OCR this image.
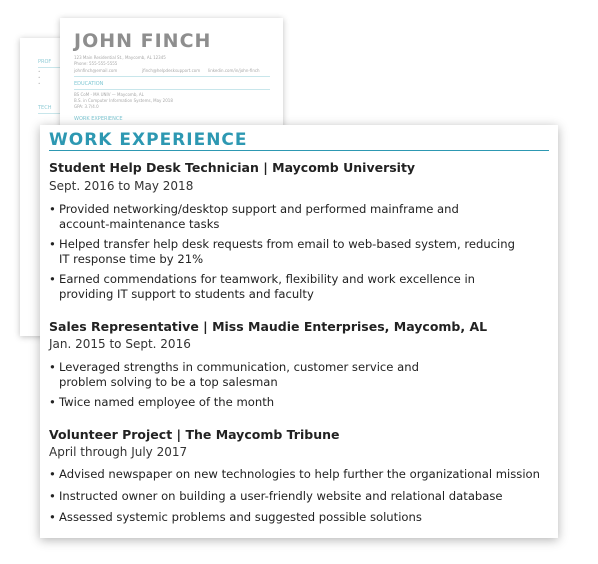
PROF
•
•
•
TECH
JOHN FINCH
123 Main Residential St., Maycomb, AL 12345
Phone: 555-555-5555
johnfinch@email.com	jfinch@helpdesksupport.com linkedin.com/in/john-finch
EDUCATION
BS CoM - MA UNIV — Maycomb, AL
B.S. in Computer Information Systems, May 2018
GPA: 3.7/4.0
WORK EXPERIENCE
WORK EXPERIENCE
Student Help Desk Technician | Maycomb University
Sept. 2016 to May 2018
• Provided networking/desktop support and performed mainframe and
account-maintenance tasks
• Helped transfer help desk requests from email to web-based system, reducing
IT response time by 21%
• Earned commendations for teamwork, flexibility and work excellence in
providing IT support to students and faculty
Sales Representative | Miss Maudie Enterprises, Maycomb, AL
Jan. 2015 to Sept. 2016
• Leveraged strengths in communication, customer service and
problem solving to be a top salesman
• Twice named employee of the month
Volunteer Project | The Maycomb Tribune
April through July 2017
• Advised newspaper on new technologies to help further the organizational mission
• Instructed owner on building a user-friendly website and relational database
• Assessed systemic problems and suggested possible solutions
